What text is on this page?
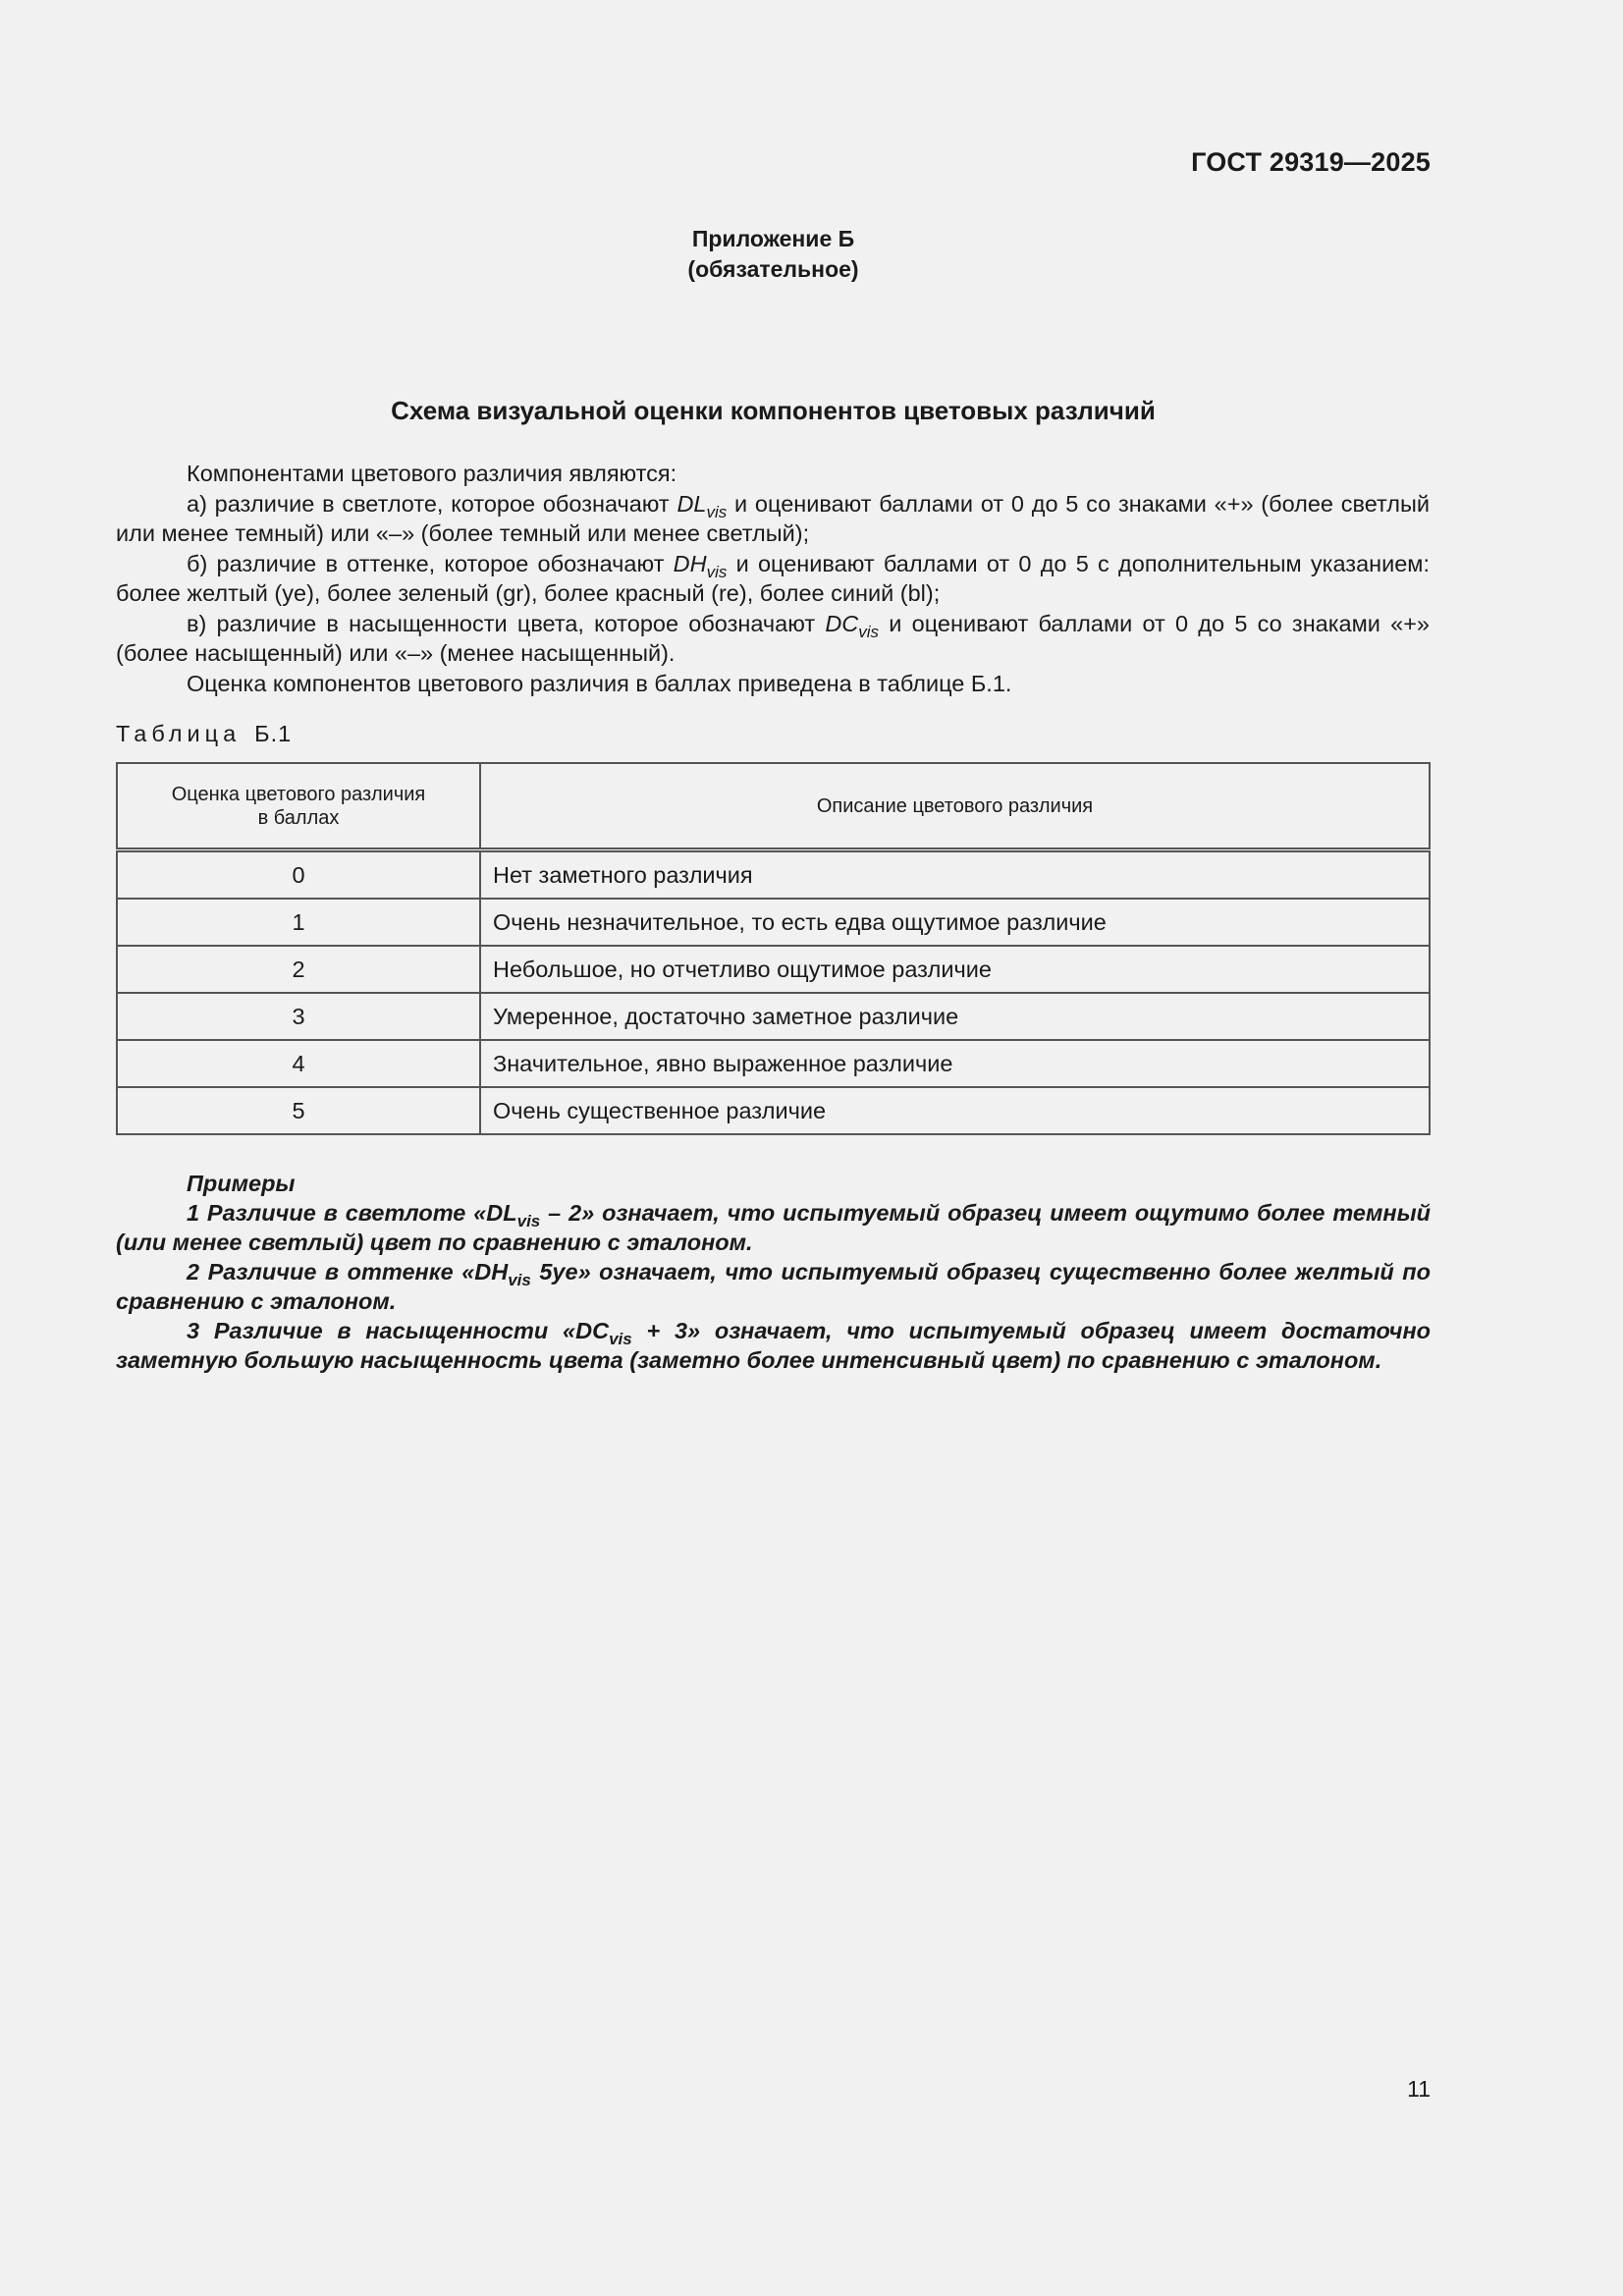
ГОСТ 29319—2025
Приложение Б
(обязательное)
Схема визуальной оценки компонентов цветовых различий

Компонентами цветового различия являются:

а) различие в светлоте, которое обозначают $DL_{vis}$ и оценивают баллами от 0 до 5 со знаками «+» (более светлый или менее темный) или «–» (более темный или менее светлый);

б) различие в оттенке, которое обозначают $DH_{vis}$ и оценивают баллами от 0 до 5 с дополнительным указанием: более желтый (ye), более зеленый (gr), более красный (re), более синий (bl);

в) различие в насыщенности цвета, которое обозначают $DC_{vis}$ и оценивают баллами от 0 до 5 со знаками «+» (более насыщенный) или «–» (менее насыщенный).

Оценка компонентов цветового различия в баллах приведена в таблице Б.1.

Таблица Б.1
Оценка цветового различия
в баллах	Описание цветового различия
0	Нет заметного различия
1	Очень незначительное, то есть едва ощутимое различие
2	Небольшое, но отчетливо ощутимое различие
3	Умеренное, достаточно заметное различие
4	Значительное, явно выраженное различие
5	Очень существенное различие

Примеры

1 Различие в светлоте «$DL_{vis} - 2$» означает, что испытуемый образец имеет ощутимо более темный (или менее светлый) цвет по сравнению с эталоном.

2 Различие в оттенке «$DH_{vis}$ 5ye» означает, что испытуемый образец существенно более желтый по сравнению с эталоном.

3 Различие в насыщенности «$DC_{vis} + 3$» означает, что испытуемый образец имеет достаточно заметную большую насыщенность цвета (заметно более интенсивный цвет) по сравнению с эталоном.

11
